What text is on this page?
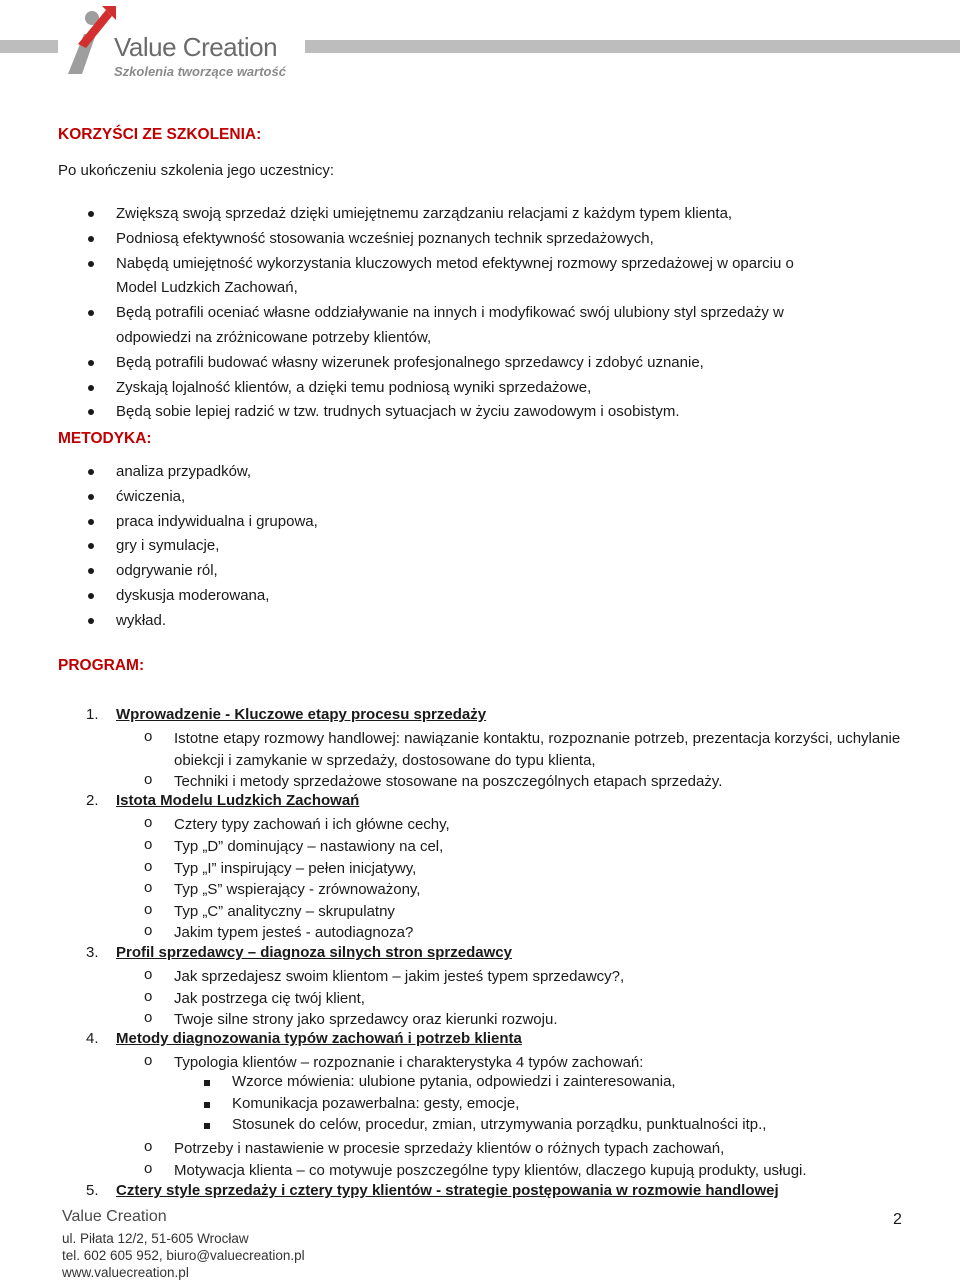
Value Creation
Szkolenia tworzące wartość
KORZYŚCI ZE SZKOLENIA:
Po ukończeniu szkolenia jego uczestnicy:
Zwiększą swoją sprzedaż dzięki umiejętnemu zarządzaniu relacjami z każdym typem klienta,
Podniosą efektywność stosowania wcześniej poznanych technik sprzedażowych,
Nabędą umiejętność wykorzystania kluczowych metod efektywnej rozmowy sprzedażowej w oparciu o
Model Ludzkich Zachowań,
Będą potrafili oceniać własne oddziaływanie na innych i modyfikować swój ulubiony styl sprzedaży w
odpowiedzi na zróżnicowane potrzeby klientów,
Będą potrafili budować własny wizerunek profesjonalnego sprzedawcy i zdobyć uznanie,
Zyskają lojalność klientów, a dzięki temu podniosą wyniki sprzedażowe,
Będą sobie lepiej radzić w tzw. trudnych sytuacjach w życiu zawodowym i osobistym.
METODYKA:
analiza przypadków,
ćwiczenia,
praca indywidualna i grupowa,
gry i symulacje,
odgrywanie ról,
dyskusja moderowana,
wykład.
PROGRAM:
1.	Wprowadzenie - Kluczowe etapy procesu sprzedaży
o Istotne etapy rozmowy handlowej: nawiązanie kontaktu, rozpoznanie potrzeb, prezentacja korzyści, uchylanie obiekcji i zamykanie w sprzedaży, dostosowane do typu klienta,
o Techniki i metody sprzedażowe stosowane na poszczególnych etapach sprzedaży.
2.	Istota Modelu Ludzkich Zachowań
o Cztery typy zachowań i ich główne cechy,
o Typ „D” dominujący – nastawiony na cel,
o Typ „I” inspirujący – pełen inicjatywy,
o Typ „S” wspierający - zrównoważony,
o Typ „C” analityczny – skrupulatny
o Jakim typem jesteś - autodiagnoza?
3.	Profil sprzedawcy – diagnoza silnych stron sprzedawcy
o Jak sprzedajesz swoim klientom – jakim jesteś typem sprzedawcy?,
o Jak postrzega cię twój klient,
o Twoje silne strony jako sprzedawcy oraz kierunki rozwoju.
4.	Metody diagnozowania typów zachowań i potrzeb klienta
o Typologia klientów – rozpoznanie i charakterystyka 4 typów zachowań:
o Potrzeby i nastawienie w procesie sprzedaży klientów o różnych typach zachowań,
o Motywacja klienta – co motywuje poszczególne typy klientów, dlaczego kupują produkty, usługi.
Wzorce mówienia: ulubione pytania, odpowiedzi i zainteresowania,
Komunikacja pozawerbalna: gesty, emocje,
Stosunek do celów, procedur, zmian, utrzymywania porządku, punktualności itp.,
5.	Cztery style sprzedaży i cztery typy klientów - strategie postępowania w rozmowie handlowej
Value Creation
ul. Piłata 12/2, 51-605 Wrocław
tel. 602 605 952, biuro@valuecreation.pl
www.valuecreation.pl
2
